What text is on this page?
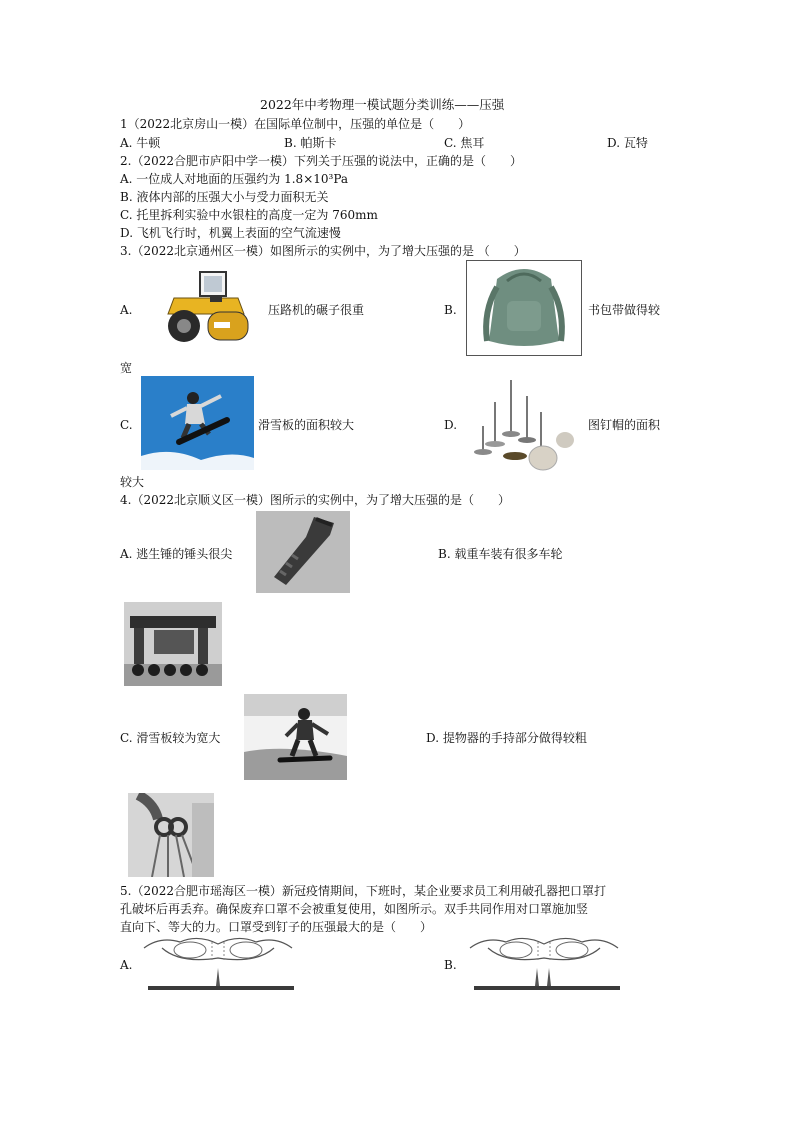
2022年中考物理一模试题分类训练——压强
1（2022北京房山一模）在国际单位制中，压强的单位是（　　）
A. 牛顿	B. 帕斯卡	C. 焦耳	D. 瓦特
2.（2022合肥市庐阳中学一模）下列关于压强的说法中，正确的是（　　）
A. 一位成人对地面的压强约为 1.8×10³Pa
B. 液体内部的压强大小与受力面积无关
C. 托里拆利实验中水银柱的高度一定为 760mm
D. 飞机飞行时，机翼上表面的空气流速慢
3.（2022北京通州区一模）如图所示的实例中，为了增大压强的是 （　　）
A.	压路机的碾子很重	B.	书包带做得较
宽
C.	滑雪板的面积较大	D.	图钉帽的面积
较大
4.（2022北京顺义区一模）图所示的实例中，为了增大压强的是（　　）
A. 逃生锤的锤头很尖	B. 载重车装有很多车轮
C. 滑雪板较为宽大	D. 提物器的手持部分做得较粗
5.（2022合肥市瑶海区一模）新冠疫情期间，下班时，某企业要求员工利用破孔器把口罩打
孔破坏后再丢弃。确保废弃口罩不会被重复使用，如图所示。双手共同作用对口罩施加竖
直向下、等大的力。口罩受到钉子的压强最大的是（　　）
A.	B.
